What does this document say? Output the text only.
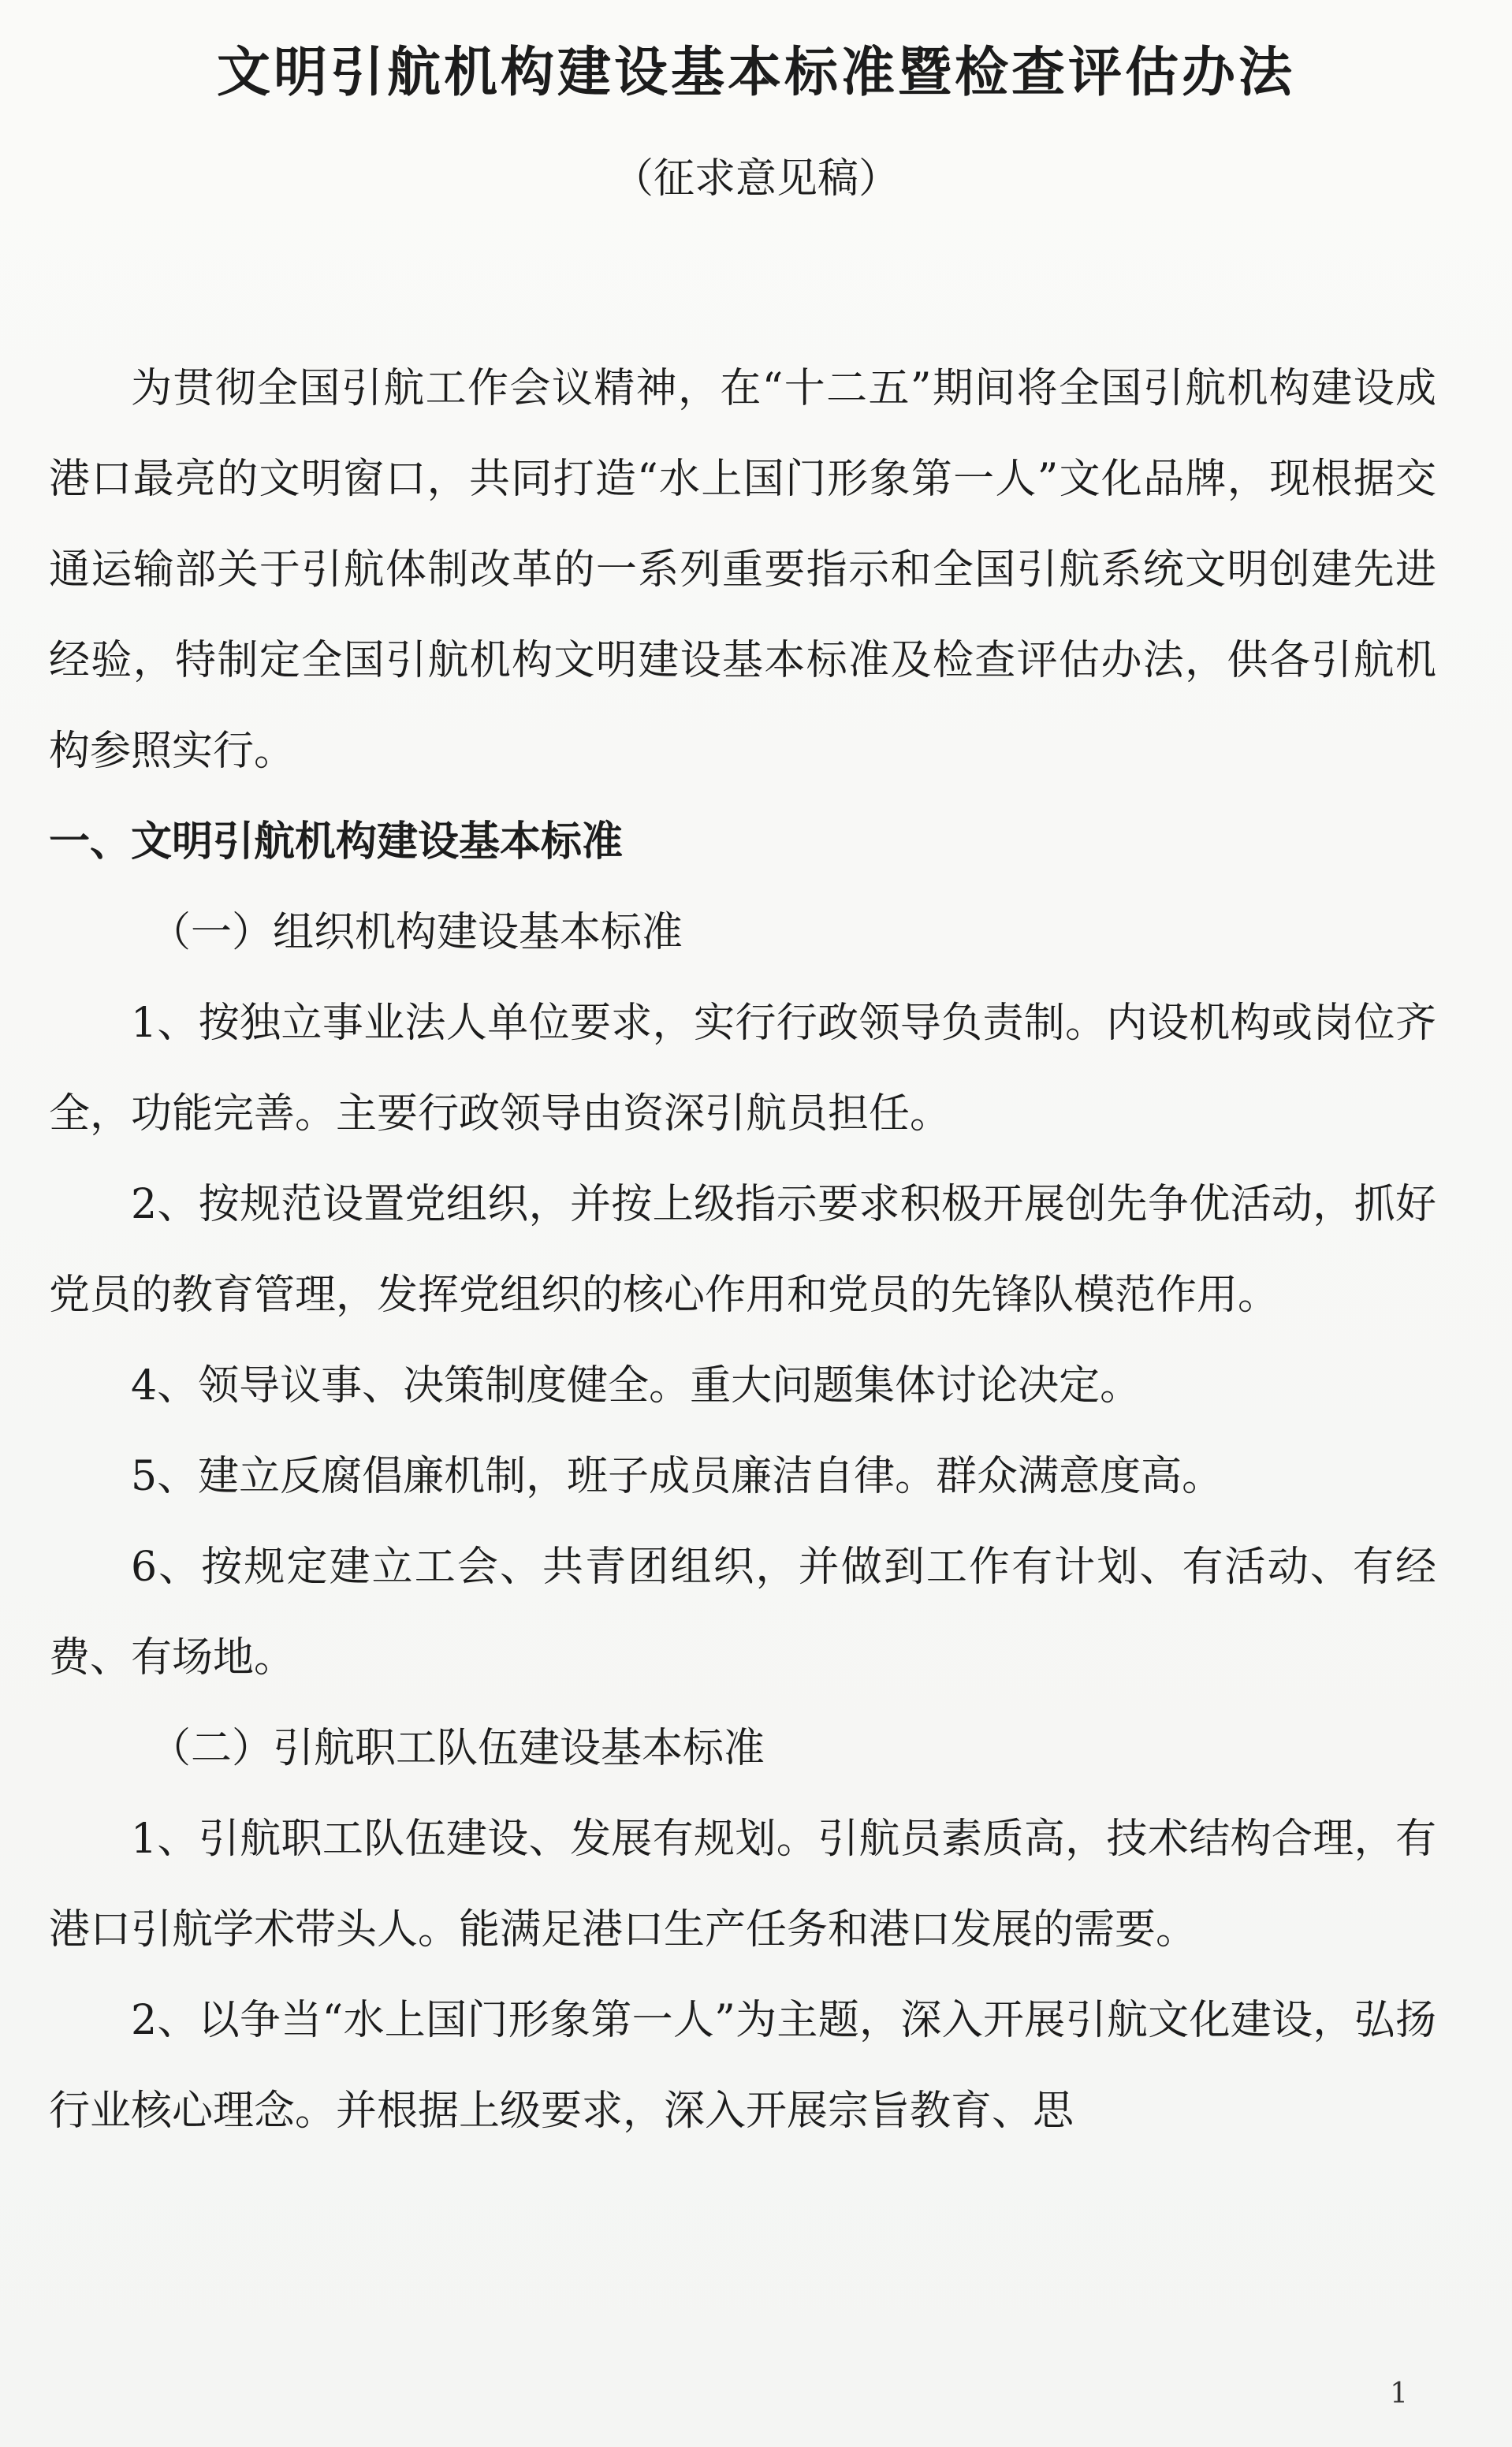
文明引航机构建设基本标准暨检查评估办法
（征求意见稿）

为贯彻全国引航工作会议精神，在“十二五”期间将全国引航机构建设成港口最亮的文明窗口，共同打造“水上国门形象第一人”文化品牌，现根据交通运输部关于引航体制改革的一系列重要指示和全国引航系统文明创建先进经验，特制定全国引航机构文明建设基本标准及检查评估办法，供各引航机构参照实行。

一、文明引航机构建设基本标准

（一）组织机构建设基本标准

1、按独立事业法人单位要求，实行行政领导负责制。内设机构或岗位齐全，功能完善。主要行政领导由资深引航员担任。

2、按规范设置党组织，并按上级指示要求积极开展创先争优活动，抓好党员的教育管理，发挥党组织的核心作用和党员的先锋队模范作用。

4、领导议事、决策制度健全。重大问题集体讨论决定。

5、建立反腐倡廉机制，班子成员廉洁自律。群众满意度高。

6、按规定建立工会、共青团组织，并做到工作有计划、有活动、有经费、有场地。

（二）引航职工队伍建设基本标准

1、引航职工队伍建设、发展有规划。引航员素质高，技术结构合理，有港口引航学术带头人。能满足港口生产任务和港口发展的需要。

2、以争当“水上国门形象第一人”为主题，深入开展引航文化建设，弘扬行业核心理念。并根据上级要求，深入开展宗旨教育、思

1
